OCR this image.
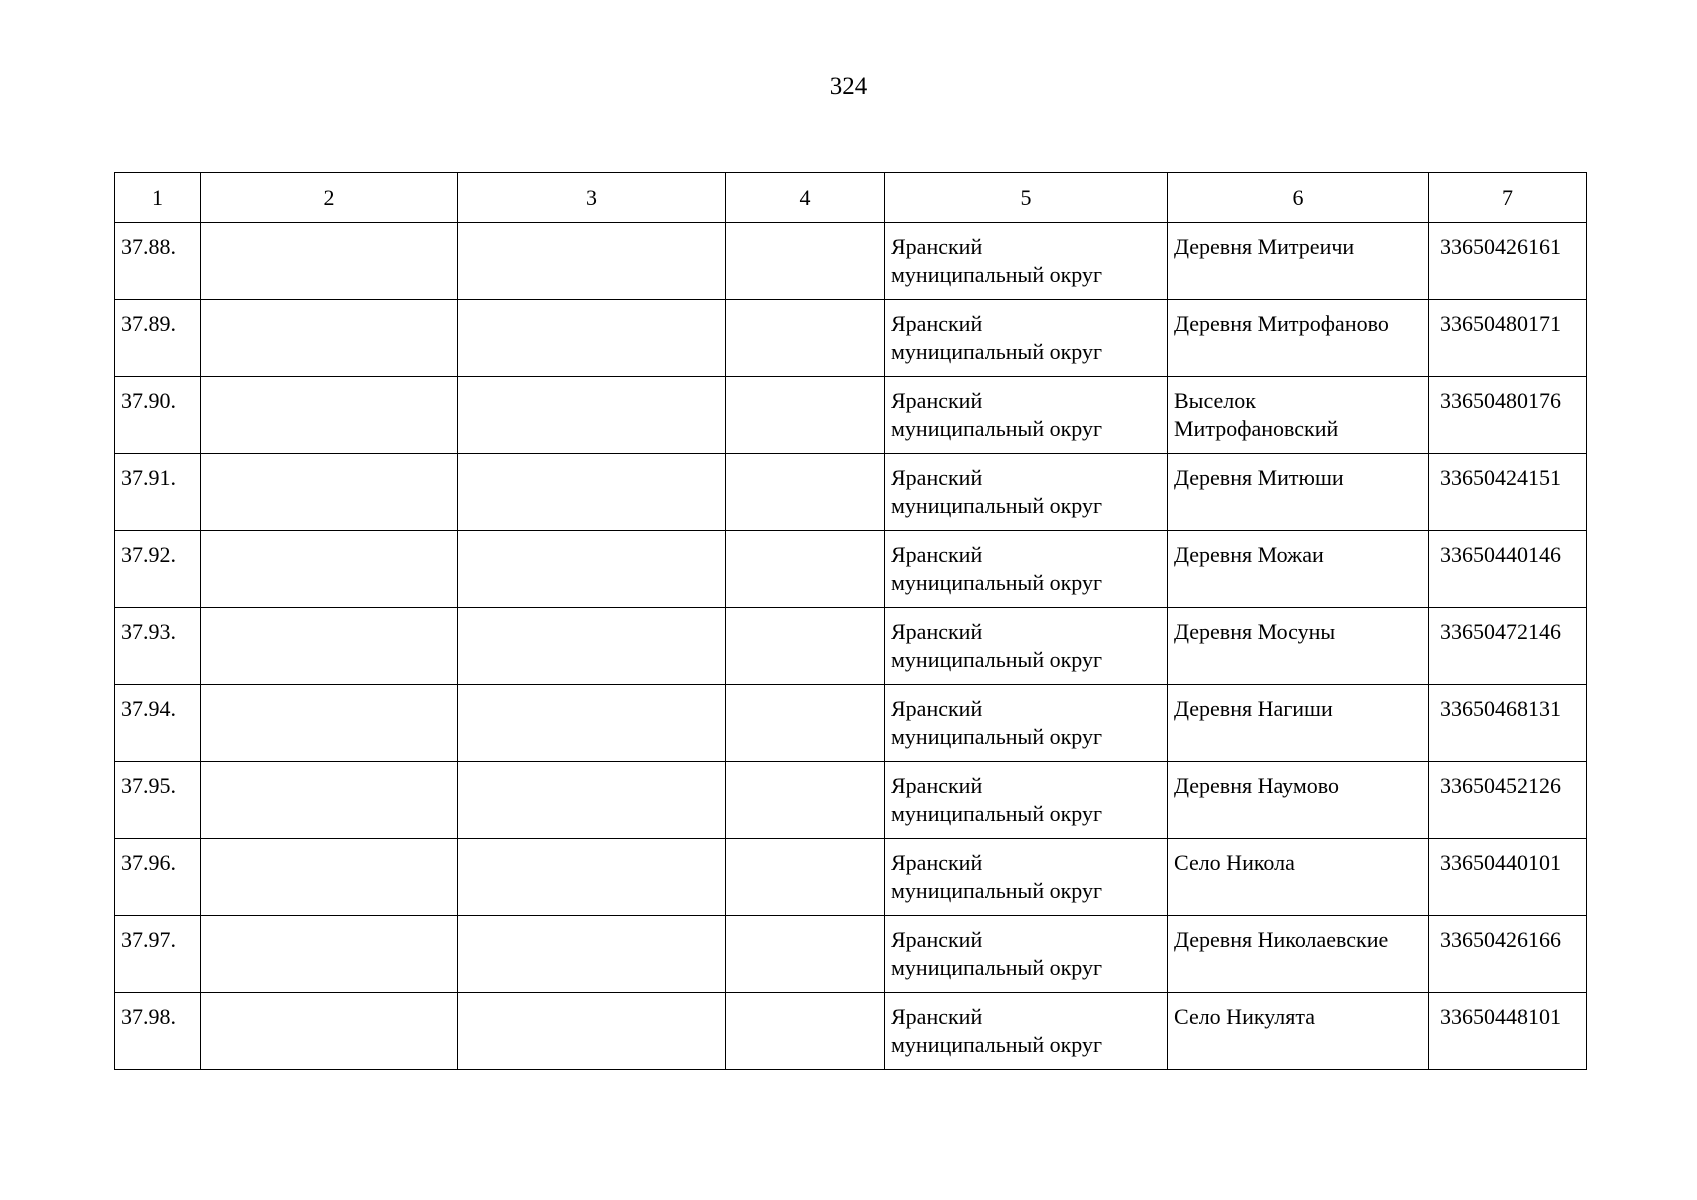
324
1	2	3	4	5	6	7

37.88.				Яранский
муниципальный округ	Деревня Митреичи	33650426161

37.89.				Яранский
муниципальный округ	Деревня Митрофаново	33650480171

37.90.				Яранский
муниципальный округ	Выселок
Митрофановский	33650480176

37.91.				Яранский
муниципальный округ	Деревня Митюши	33650424151

37.92.				Яранский
муниципальный округ	Деревня Можаи	33650440146

37.93.				Яранский
муниципальный округ	Деревня Мосуны	33650472146

37.94.				Яранский
муниципальный округ	Деревня Нагиши	33650468131

37.95.				Яранский
муниципальный округ	Деревня Наумово	33650452126

37.96.				Яранский
муниципальный округ	Село Никола	33650440101

37.97.				Яранский
муниципальный округ	Деревня Николаевские	33650426166

37.98.				Яранский
муниципальный округ	Село Никулята	33650448101
